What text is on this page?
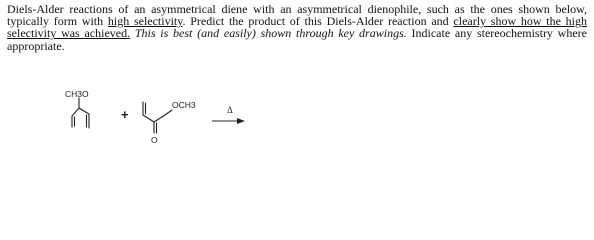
Diels-Alder reactions of an asymmetrical diene with an asymmetrical dienophile, such as the ones shown below, typically form with high selectivity. Predict the product of this Diels-Alder reaction and clearly show how the high selectivity was achieved. This is best (and easily) shown through key drawings. Indicate any stereochemistry where appropriate.

CH3O
+
OCH3
O
Δ
